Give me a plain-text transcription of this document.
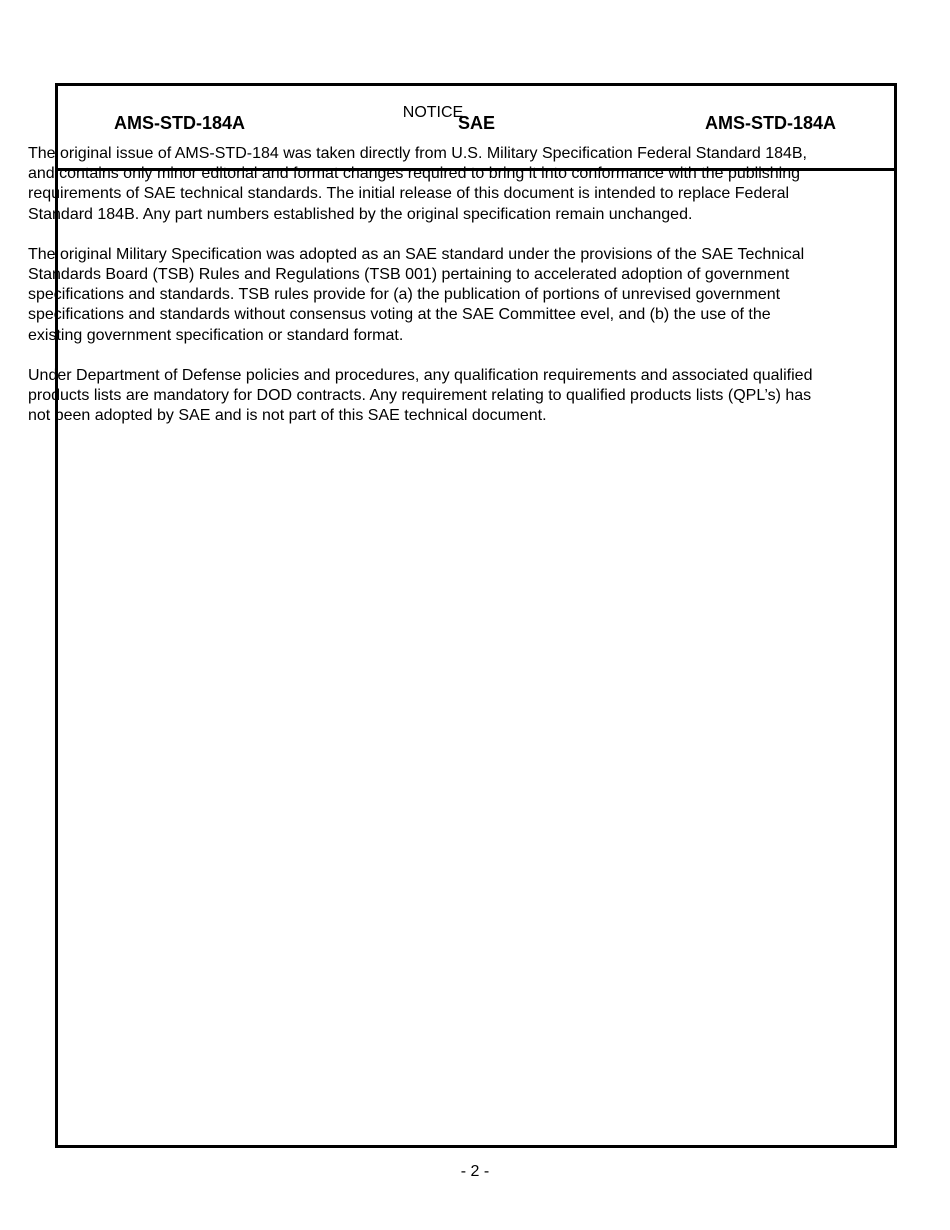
AMS-STD-184A	SAE	AMS-STD-184A
NOTICE

The original issue of AMS-STD-184 was taken directly from U.S. Military Specification Federal Standard 184B, and contains only minor editorial and format changes required to bring it into conformance with the publishing requirements of SAE technical standards. The initial release of this document is intended to replace Federal Standard 184B. Any part numbers established by the original specification remain unchanged.

The original Military Specification was adopted as an SAE standard under the provisions of the SAE Technical Standards Board (TSB) Rules and Regulations (TSB 001) pertaining to accelerated adoption of government specifications and standards. TSB rules provide for (a) the publication of portions of unrevised government specifications and standards without consensus voting at the SAE Committee evel, and (b) the use of the existing government specification or standard format.

Under Department of Defense policies and procedures, any qualification requirements and associated qualified products lists are mandatory for DOD contracts. Any requirement relating to qualified products lists (QPL’s) has not been adopted by SAE and is not part of this SAE technical document.

- 2 -
